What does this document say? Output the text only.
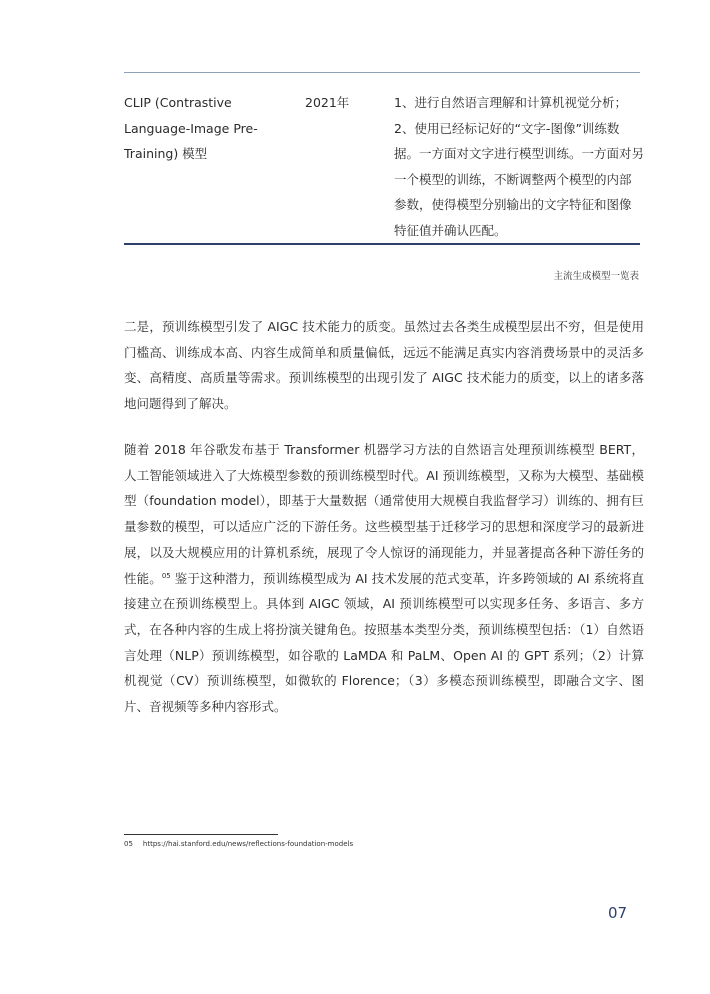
CLIP (Contrastive
Language-Image Pre-
Training) 模型
2021年	1、进行自然语言理解和计算机视觉分析；
2、使用已经标记好的“文字-图像”训练数
据。一方面对文字进行模型训练。一方面对另
一个模型的训练，不断调整两个模型的内部
参数，使得模型分别输出的文字特征和图像
特征值并确认匹配。
主流生成模型一览表

二是，预训练模型引发了 AIGC 技术能力的质变。虽然过去各类生成模型层出不穷，但是使用门槛高、训练成本高、内容生成简单和质量偏低，远远不能满足真实内容消费场景中的灵活多变、高精度、高质量等需求。预训练模型的出现引发了 AIGC 技术能力的质变，以上的诸多落地问题得到了解决。

随着 2018 年谷歌发布基于 Transformer 机器学习方法的自然语言处理预训练模型 BERT，人工智能领域进入了大炼模型参数的预训练模型时代。AI 预训练模型，又称为大模型、基础模型（foundation model），即基于大量数据（通常使用大规模自我监督学习）训练的、拥有巨量参数的模型，可以适应广泛的下游任务。这些模型基于迁移学习的思想和深度学习的最新进展，以及大规模应用的计算机系统，展现了令人惊讶的涌现能力，并显著提高各种下游任务的性能。$^{05}$ 鉴于这种潜力，预训练模型成为 AI 技术发展的范式变革，许多跨领域的 AI 系统将直接建立在预训练模型上。具体到 AIGC 领域，AI 预训练模型可以实现多任务、多语言、多方式，在各种内容的生成上将扮演关键角色。按照基本类型分类，预训练模型包括：（1）自然语言处理（NLP）预训练模型，如谷歌的 LaMDA 和 PaLM、Open AI 的 GPT 系列；（2）计算机视觉（CV）预训练模型，如微软的 Florence；（3）多模态预训练模型，即融合文字、图片、音视频等多种内容形式。

05 https://hai.stanford.edu/news/reflections-foundation-models
07
